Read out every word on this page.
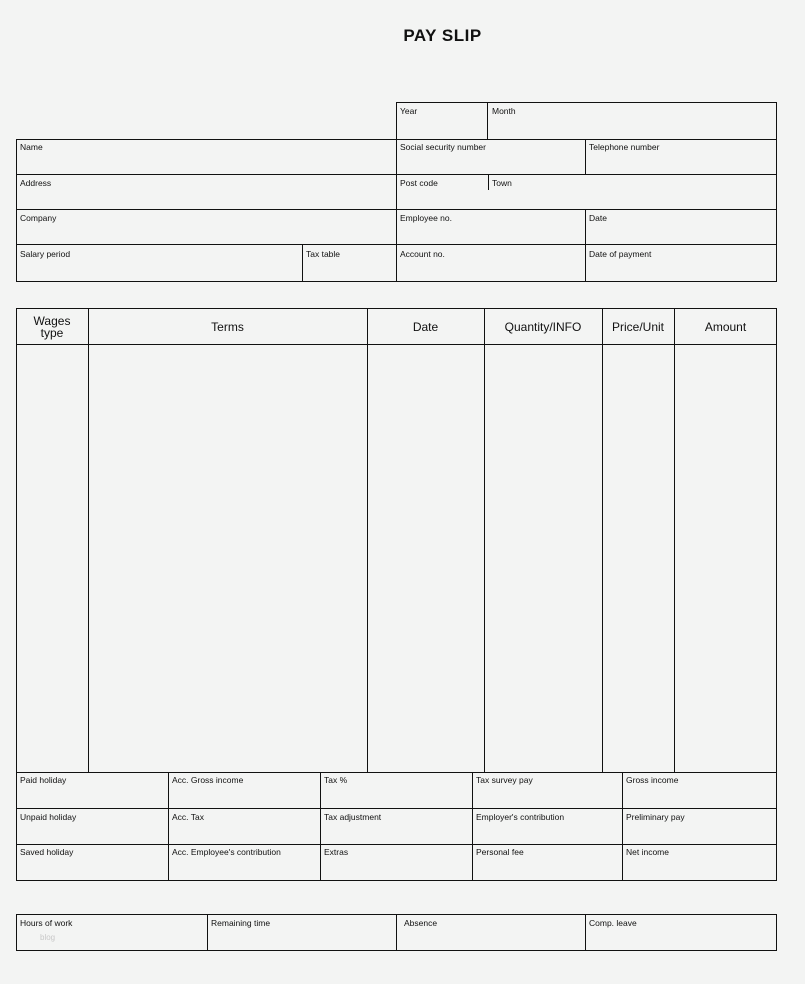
PAY SLIP
Year	Month
Name	Social security number	Telephone number
Address	Post code	Town
Company	Employee no.	Date
Salary period	Tax table	Account no.	Date of payment
Wages type	Terms	Date	Quantity/INFO	Price/Unit	Amount
Paid holiday	Acc. Gross income	Tax %	Tax survey pay	Gross income
Unpaid holiday	Acc. Tax	Tax adjustment	Employer's contribution	Preliminary pay
Saved holiday	Acc. Employee's contribution	Extras	Personal fee	Net income
Hours of work	Remaining time	Absence	Comp. leave
blog
